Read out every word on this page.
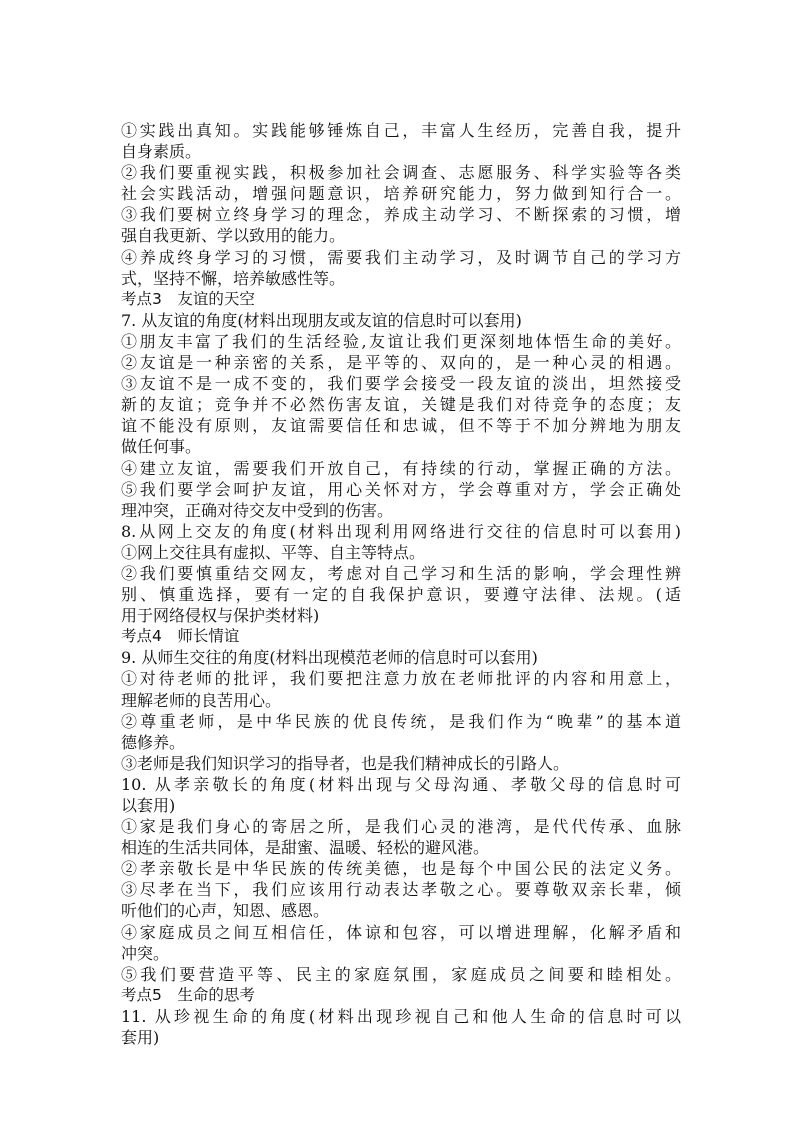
①实践出真知。实践能够锤炼自己，丰富人生经历，完善自我，提升
自身素质。
②我们要重视实践，积极参加社会调查、志愿服务、科学实验等各类
社会实践活动，增强问题意识，培养研究能力，努力做到知行合一。
③我们要树立终身学习的理念，养成主动学习、不断探索的习惯，增
强自我更新、学以致用的能力。
④养成终身学习的习惯，需要我们主动学习，及时调节自己的学习方
式，坚持不懈，培养敏感性等。
考点3　友谊的天空
7. 从友谊的角度(材料出现朋友或友谊的信息时可以套用)
①朋友丰富了我们的生活经验,友谊让我们更深刻地体悟生命的美好。
②友谊是一种亲密的关系，是平等的、双向的，是一种心灵的相遇。
③友谊不是一成不变的，我们要学会接受一段友谊的淡出，坦然接受
新的友谊；竞争并不必然伤害友谊，关键是我们对待竞争的态度；友
谊不能没有原则，友谊需要信任和忠诚，但不等于不加分辨地为朋友
做任何事。
④建立友谊，需要我们开放自己，有持续的行动，掌握正确的方法。
⑤我们要学会呵护友谊，用心关怀对方，学会尊重对方，学会正确处
理冲突，正确对待交友中受到的伤害。
8.从网上交友的角度(材料出现利用网络进行交往的信息时可以套用)
①网上交往具有虚拟、平等、自主等特点。
②我们要慎重结交网友，考虑对自己学习和生活的影响，学会理性辨
别、慎重选择，要有一定的自我保护意识，要遵守法律、法规。(适
用于网络侵权与保护类材料)
考点4　师长情谊
9. 从师生交往的角度(材料出现模范老师的信息时可以套用)
①对待老师的批评，我们要把注意力放在老师批评的内容和用意上，
理解老师的良苦用心。
②尊重老师，是中华民族的优良传统，是我们作为“晚辈”的基本道
德修养。
③老师是我们知识学习的指导者，也是我们精神成长的引路人。
10. 从孝亲敬长的角度(材料出现与父母沟通、孝敬父母的信息时可
以套用)
①家是我们身心的寄居之所，是我们心灵的港湾，是代代传承、血脉
相连的生活共同体，是甜蜜、温暖、轻松的避风港。
②孝亲敬长是中华民族的传统美德，也是每个中国公民的法定义务。
③尽孝在当下，我们应该用行动表达孝敬之心。要尊敬双亲长辈，倾
听他们的心声，知恩、感恩。
④家庭成员之间互相信任，体谅和包容，可以增进理解，化解矛盾和
冲突。
⑤我们要营造平等、民主的家庭氛围，家庭成员之间要和睦相处。
考点5　生命的思考
11. 从珍视生命的角度(材料出现珍视自己和他人生命的信息时可以
套用)
